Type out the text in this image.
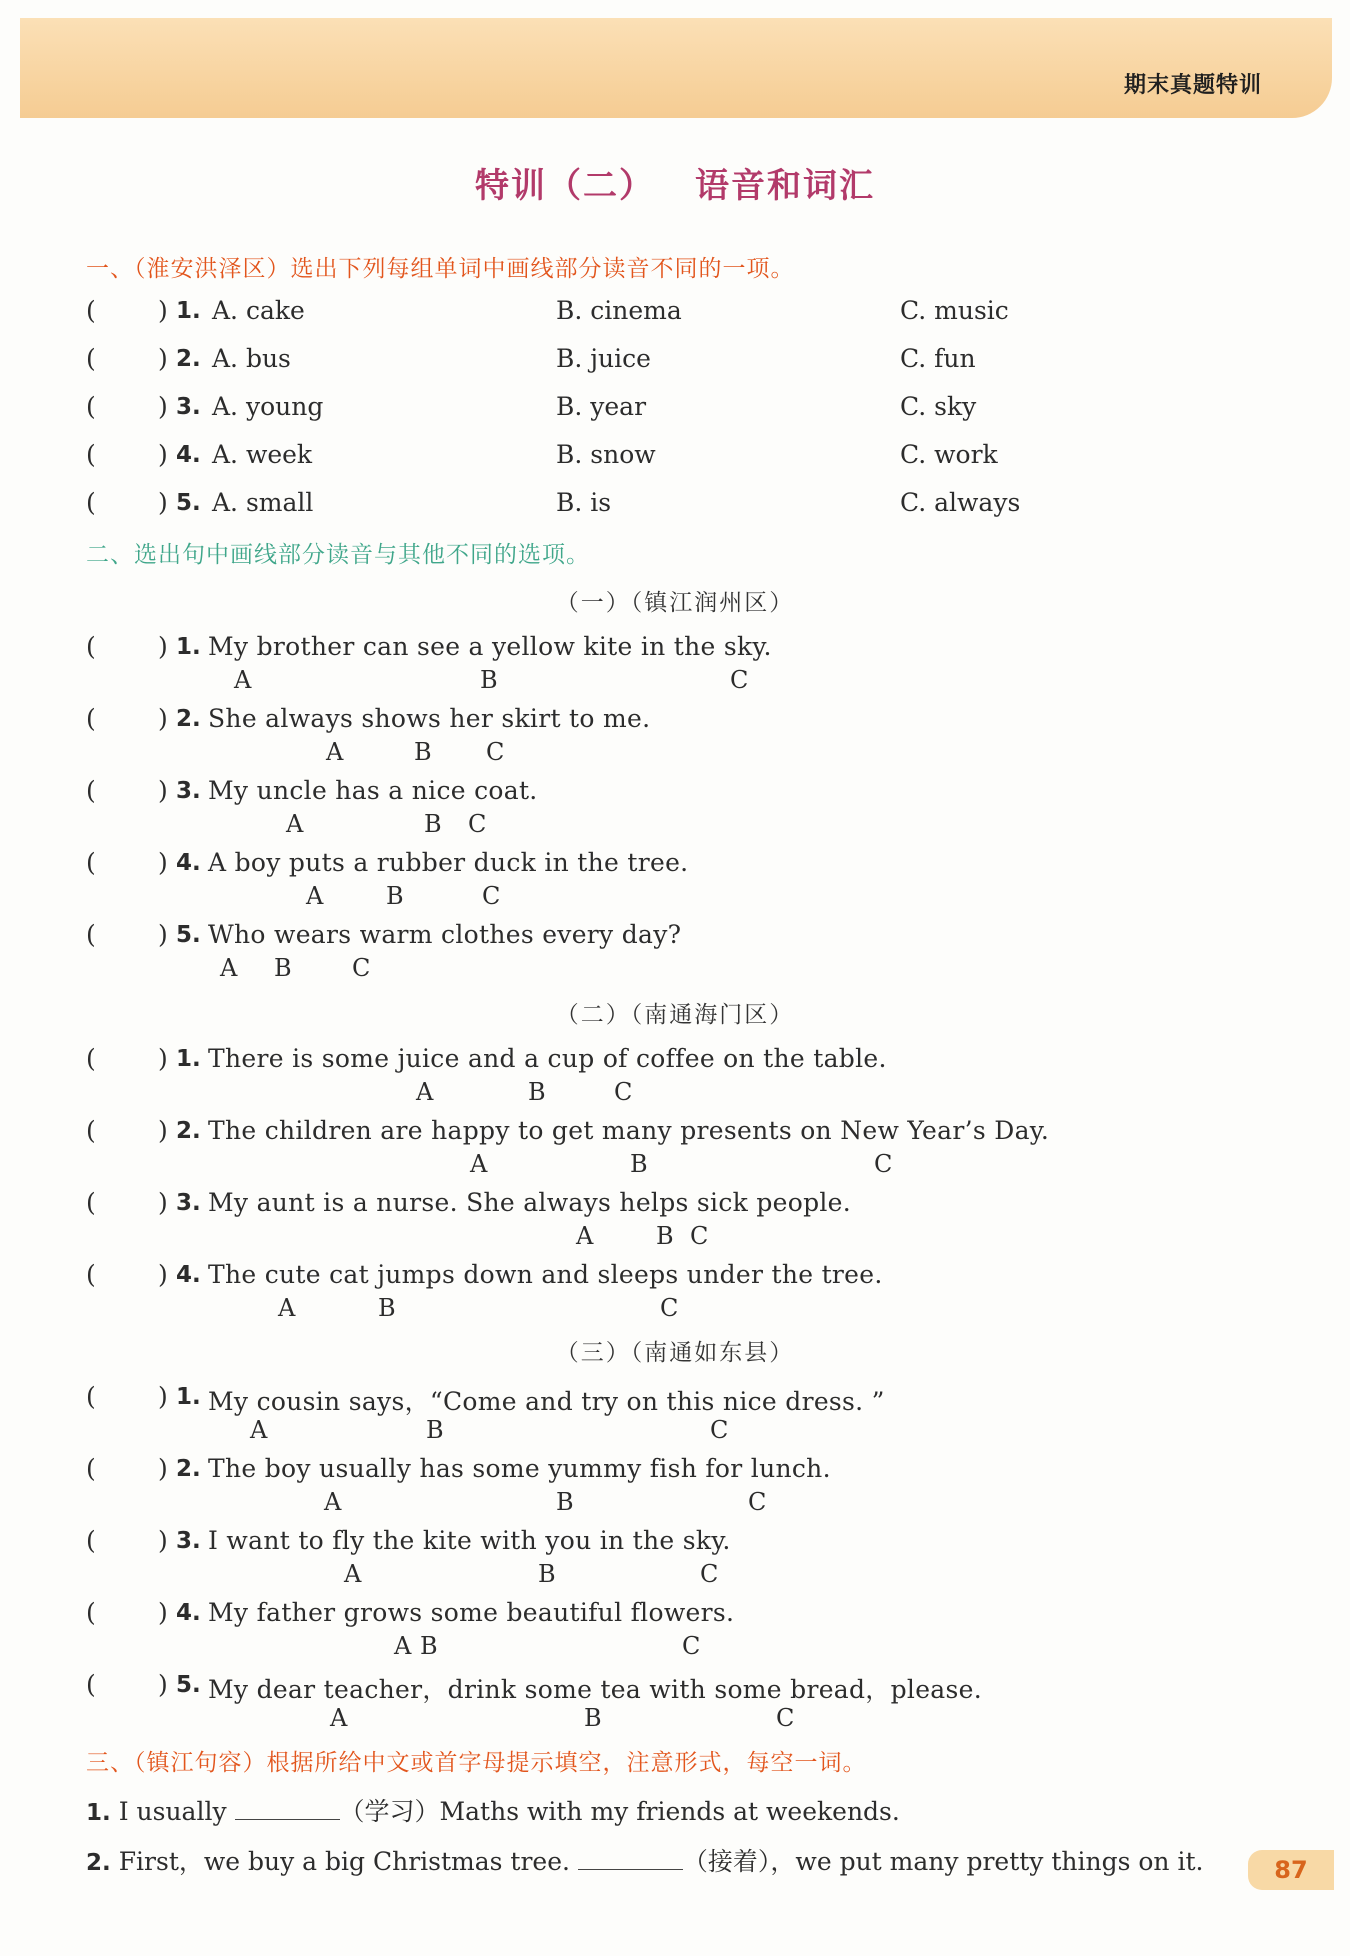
期末真题特训
特训（二） 语音和词汇
一、（淮安洪泽区）选出下列每组单词中画线部分读音不同的一项。
( ) 1. A. cake	B. cinema	C. music
( ) 2. A. bus	B. juice	C. fun
( ) 3. A. young	B. year	C. sky
( ) 4. A. week	B. snow	C. work
( ) 5. A. small	B. is	C. always
二、选出句中画线部分读音与其他不同的选项。
（一）（镇江润州区）
( ) 1. My brother can see a yellow kite in the sky.
A	B	C
( ) 2. She always shows her skirt to me.
A	B C
( ) 3. My uncle has a nice coat.
A	B C
( ) 4. A boy puts a rubber duck in the tree.
A	B	C
( ) 5. Who wears warm clothes every day?
A B	C
（二）（南通海门区）
( ) 1. There is some juice and a cup of coffee on the table.
A	B	C
( ) 2. The children are happy to get many presents on New Year’s Day.
A	B	C
( ) 3. My aunt is a nurse. She always helps sick people.
A	B C
( ) 4. The cute cat jumps down and sleeps under the tree.
A	B	C
（三）（南通如东县）
( ) 1. My cousin says，“Come and try on this nice dress. ”
A	B	C
( ) 2. The boy usually has some yummy fish for lunch.
A	B	C
( ) 3. I want to fly the kite with you in the sky.
A	B	C
( ) 4. My father grows some beautiful flowers.
A B	C
( ) 5. My dear teacher，drink some tea with some bread，please.
A	B	C
三、（镇江句容）根据所给中文或首字母提示填空，注意形式，每空一词。
1. I usually	（学习）Maths with my friends at weekends.
2. First，we buy a big Christmas tree.	（接着），we put many pretty things on it.	87
